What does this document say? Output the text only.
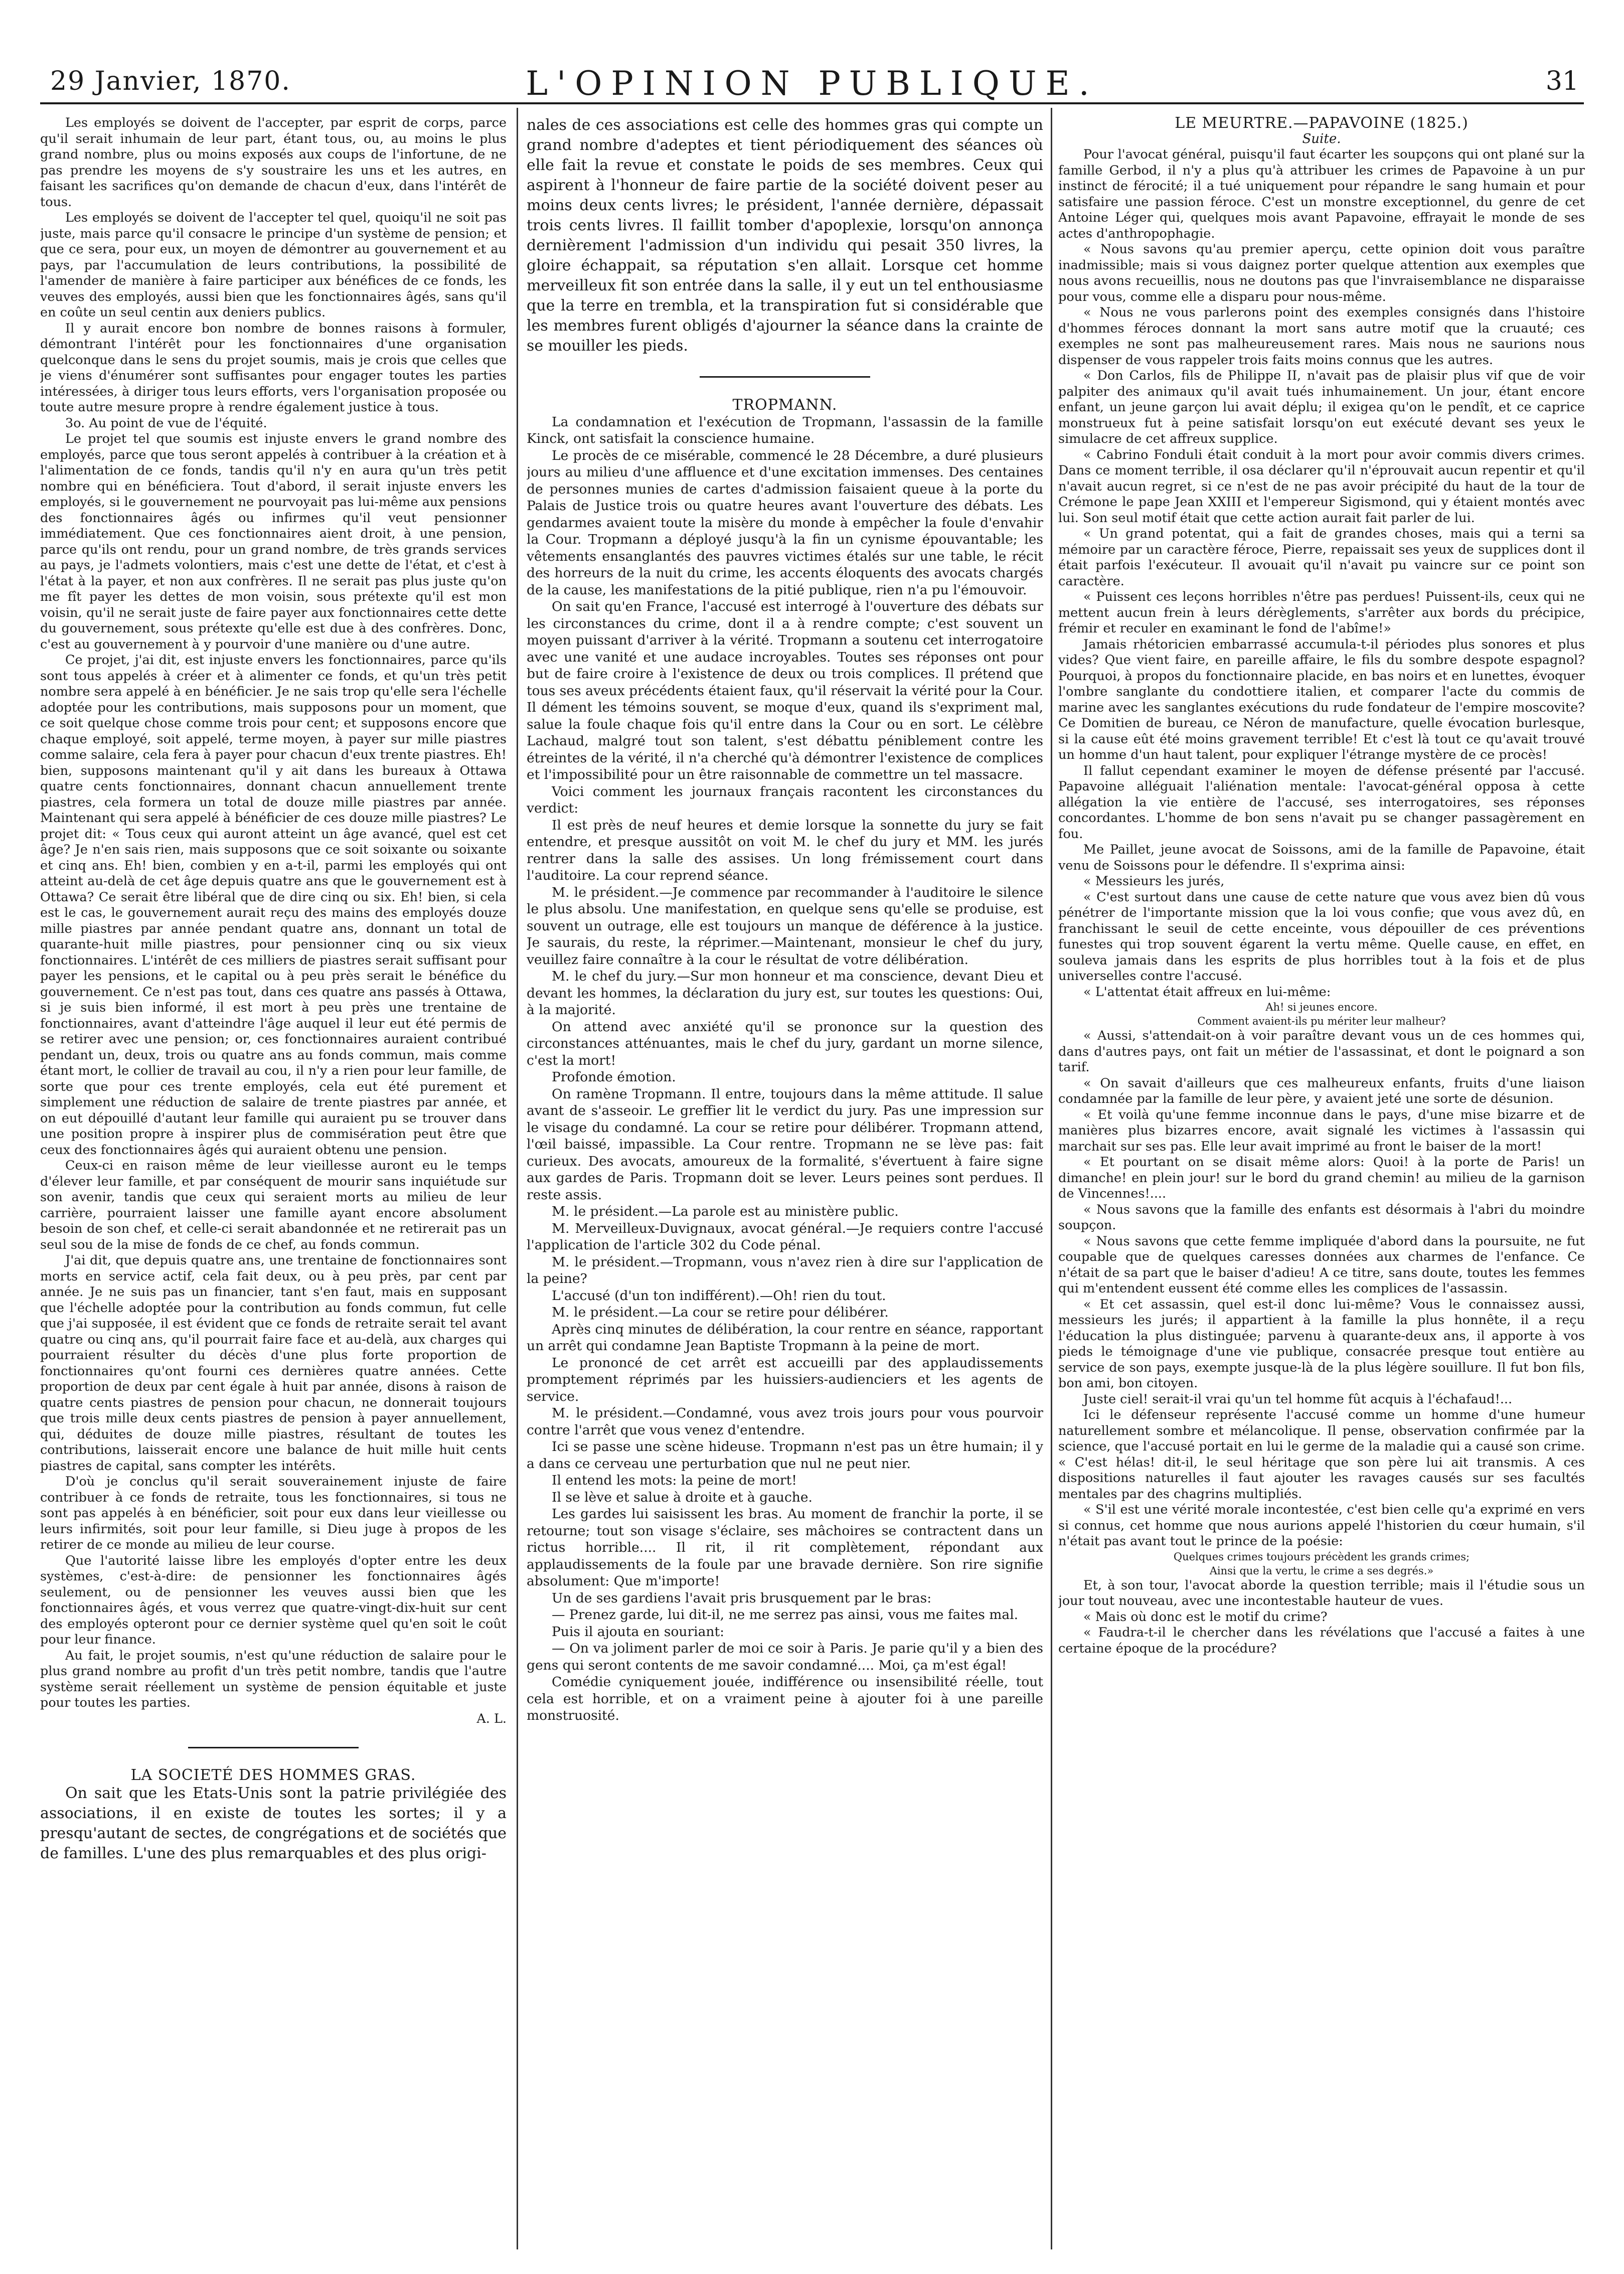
29 Janvier, 1870.	L'OPINION PUBLIQUE.	31

Les employés se doivent de l'accepter, par esprit de corps, parce qu'il serait inhumain de leur part, étant tous, ou, au moins le plus grand nombre, plus ou moins exposés aux coups de l'infortune, de ne pas prendre les moyens de s'y soustraire les uns et les autres, en faisant les sacrifices qu'on demande de chacun d'eux, dans l'intérêt de tous.

Les employés se doivent de l'accepter tel quel, quoiqu'il ne soit pas juste, mais parce qu'il consacre le principe d'un système de pension; et que ce sera, pour eux, un moyen de démontrer au gouvernement et au pays, par l'accumulation de leurs contributions, la possibilité de l'amender de manière à faire participer aux bénéfices de ce fonds, les veuves des employés, aussi bien que les fonctionnaires âgés, sans qu'il en coûte un seul centin aux deniers publics.

Il y aurait encore bon nombre de bonnes raisons à formuler, démontrant l'intérêt pour les fonctionnaires d'une organisation quelconque dans le sens du projet soumis, mais je crois que celles que je viens d'énumérer sont suffisantes pour engager toutes les parties intéressées, à diriger tous leurs efforts, vers l'organisation proposée ou toute autre mesure propre à rendre également justice à tous.

3o. Au point de vue de l'équité.

Le projet tel que soumis est injuste envers le grand nombre des employés, parce que tous seront appelés à contribuer à la création et à l'alimentation de ce fonds, tandis qu'il n'y en aura qu'un très petit nombre qui en bénéficiera. Tout d'abord, il serait injuste envers les employés, si le gouvernement ne pourvoyait pas lui-même aux pensions des fonctionnaires âgés ou infirmes qu'il veut pensionner immédiatement. Que ces fonctionnaires aient droit, à une pension, parce qu'ils ont rendu, pour un grand nombre, de très grands services au pays, je l'admets volontiers, mais c'est une dette de l'état, et c'est à l'état à la payer, et non aux confrères. Il ne serait pas plus juste qu'on me fît payer les dettes de mon voisin, sous prétexte qu'il est mon voisin, qu'il ne serait juste de faire payer aux fonctionnaires cette dette du gouvernement, sous prétexte qu'elle est due à des confrères. Donc, c'est au gouvernement à y pourvoir d'une manière ou d'une autre.

Ce projet, j'ai dit, est injuste envers les fonctionnaires, parce qu'ils sont tous appelés à créer et à alimenter ce fonds, et qu'un très petit nombre sera appelé à en bénéficier. Je ne sais trop qu'elle sera l'échelle adoptée pour les contributions, mais supposons pour un moment, que ce soit quelque chose comme trois pour cent; et supposons encore que chaque employé, soit appelé, terme moyen, à payer sur mille piastres comme salaire, cela fera à payer pour chacun d'eux trente piastres. Eh! bien, supposons maintenant qu'il y ait dans les bureaux à Ottawa quatre cents fonctionnaires, donnant chacun annuellement trente piastres, cela formera un total de douze mille piastres par année. Maintenant qui sera appelé à bénéficier de ces douze mille piastres? Le projet dit: « Tous ceux qui auront atteint un âge avancé, quel est cet âge? Je n'en sais rien, mais supposons que ce soit soixante ou soixante et cinq ans. Eh! bien, combien y en a-t-il, parmi les employés qui ont atteint au-delà de cet âge depuis quatre ans que le gouvernement est à Ottawa? Ce serait être libéral que de dire cinq ou six. Eh! bien, si cela est le cas, le gouvernement aurait reçu des mains des employés douze mille piastres par année pendant quatre ans, donnant un total de quarante-huit mille piastres, pour pensionner cinq ou six vieux fonctionnaires. L'intérêt de ces milliers de piastres serait suffisant pour payer les pensions, et le capital ou à peu près serait le bénéfice du gouvernement. Ce n'est pas tout, dans ces quatre ans passés à Ottawa, si je suis bien informé, il est mort à peu près une trentaine de fonctionnaires, avant d'atteindre l'âge auquel il leur eut été permis de se retirer avec une pension; or, ces fonctionnaires auraient contribué pendant un, deux, trois ou quatre ans au fonds commun, mais comme étant mort, le collier de travail au cou, il n'y a rien pour leur famille, de sorte que pour ces trente employés, cela eut été purement et simplement une réduction de salaire de trente piastres par année, et on eut dépouillé d'autant leur famille qui auraient pu se trouver dans une position propre à inspirer plus de commisération peut être que ceux des fonctionnaires âgés qui auraient obtenu une pension.

Ceux-ci en raison même de leur vieillesse auront eu le temps d'élever leur famille, et par conséquent de mourir sans inquiétude sur son avenir, tandis que ceux qui seraient morts au milieu de leur carrière, pourraient laisser une famille ayant encore absolument besoin de son chef, et celle-ci serait abandonnée et ne retirerait pas un seul sou de la mise de fonds de ce chef, au fonds commun.

J'ai dit, que depuis quatre ans, une trentaine de fonctionnaires sont morts en service actif, cela fait deux, ou à peu près, par cent par année. Je ne suis pas un financier, tant s'en faut, mais en supposant que l'échelle adoptée pour la contribution au fonds commun, fut celle que j'ai supposée, il est évident que ce fonds de retraite serait tel avant quatre ou cinq ans, qu'il pourrait faire face et au-delà, aux charges qui pourraient résulter du décès d'une plus forte proportion de fonctionnaires qu'ont fourni ces dernières quatre années. Cette proportion de deux par cent égale à huit par année, disons à raison de quatre cents piastres de pension pour chacun, ne donnerait toujours que trois mille deux cents piastres de pension à payer annuellement, qui, déduites de douze mille piastres, résultant de toutes les contributions, laisserait encore une balance de huit mille huit cents piastres de capital, sans compter les intérêts.

D'où je conclus qu'il serait souverainement injuste de faire contribuer à ce fonds de retraite, tous les fonctionnaires, si tous ne sont pas appelés à en bénéficier, soit pour eux dans leur vieillesse ou leurs infirmités, soit pour leur famille, si Dieu juge à propos de les retirer de ce monde au milieu de leur course.

Que l'autorité laisse libre les employés d'opter entre les deux systèmes, c'est-à-dire: de pensionner les fonctionnaires âgés seulement, ou de pensionner les veuves aussi bien que les fonctionnaires âgés, et vous verrez que quatre-vingt-dix-huit sur cent des employés opteront pour ce dernier système quel qu'en soit le coût pour leur finance.

Au fait, le projet soumis, n'est qu'une réduction de salaire pour le plus grand nombre au profit d'un très petit nombre, tandis que l'autre système serait réellement un système de pension équitable et juste pour toutes les parties.

A. L.

LA SOCIETÉ DES HOMMES GRAS.

On sait que les Etats-Unis sont la patrie privilégiée des associations, il en existe de toutes les sortes; il y a presqu'autant de sectes, de congrégations et de sociétés que de familles. L'une des plus remarquables et des plus origi-

nales de ces associations est celle des hommes gras qui compte un grand nombre d'adeptes et tient périodiquement des séances où elle fait la revue et constate le poids de ses membres. Ceux qui aspirent à l'honneur de faire partie de la société doivent peser au moins deux cents livres; le président, l'année dernière, dépassait trois cents livres. Il faillit tomber d'apoplexie, lorsqu'on annonça dernièrement l'admission d'un individu qui pesait 350 livres, la gloire échappait, sa réputation s'en allait. Lorsque cet homme merveilleux fit son entrée dans la salle, il y eut un tel enthousiasme que la terre en trembla, et la transpiration fut si considérable que les membres furent obligés d'ajourner la séance dans la crainte de se mouiller les pieds.

TROPMANN.

La condamnation et l'exécution de Tropmann, l'assassin de la famille Kinck, ont satisfait la conscience humaine.

Le procès de ce misérable, commencé le 28 Décembre, a duré plusieurs jours au milieu d'une affluence et d'une excitation immenses. Des centaines de personnes munies de cartes d'admission faisaient queue à la porte du Palais de Justice trois ou quatre heures avant l'ouverture des débats. Les gendarmes avaient toute la misère du monde à empêcher la foule d'envahir la Cour. Tropmann a déployé jusqu'à la fin un cynisme épouvantable; les vêtements ensanglantés des pauvres victimes étalés sur une table, le récit des horreurs de la nuit du crime, les accents éloquents des avocats chargés de la cause, les manifestations de la pitié publique, rien n'a pu l'émouvoir.

On sait qu'en France, l'accusé est interrogé à l'ouverture des débats sur les circonstances du crime, dont il a à rendre compte; c'est souvent un moyen puissant d'arriver à la vérité. Tropmann a soutenu cet interrogatoire avec une vanité et une audace incroyables. Toutes ses réponses ont pour but de faire croire à l'existence de deux ou trois complices. Il prétend que tous ses aveux précédents étaient faux, qu'il réservait la vérité pour la Cour. Il dément les témoins souvent, se moque d'eux, quand ils s'expriment mal, salue la foule chaque fois qu'il entre dans la Cour ou en sort. Le célèbre Lachaud, malgré tout son talent, s'est débattu péniblement contre les étreintes de la vérité, il n'a cherché qu'à démontrer l'existence de complices et l'impossibilité pour un être raisonnable de commettre un tel massacre.

Voici comment les journaux français racontent les circonstances du verdict:

Il est près de neuf heures et demie lorsque la sonnette du jury se fait entendre, et presque aussitôt on voit M. le chef du jury et MM. les jurés rentrer dans la salle des assises. Un long frémissement court dans l'auditoire. La cour reprend séance.

M. le président.—Je commence par recommander à l'auditoire le silence le plus absolu. Une manifestation, en quelque sens qu'elle se produise, est souvent un outrage, elle est toujours un manque de déférence à la justice. Je saurais, du reste, la réprimer.—Maintenant, monsieur le chef du jury, veuillez faire connaître à la cour le résultat de votre délibération.

M. le chef du jury.—Sur mon honneur et ma conscience, devant Dieu et devant les hommes, la déclaration du jury est, sur toutes les questions: Oui, à la majorité.

On attend avec anxiété qu'il se prononce sur la question des circonstances atténuantes, mais le chef du jury, gardant un morne silence, c'est la mort!

Profonde émotion.

On ramène Tropmann. Il entre, toujours dans la même attitude. Il salue avant de s'asseoir. Le greffier lit le verdict du jury. Pas une impression sur le visage du condamné. La cour se retire pour délibérer. Tropmann attend, l'œil baissé, impassible. La Cour rentre. Tropmann ne se lève pas: fait curieux. Des avocats, amoureux de la formalité, s'évertuent à faire signe aux gardes de Paris. Tropmann doit se lever. Leurs peines sont perdues. Il reste assis.

M. le président.—La parole est au ministère public.

M. Merveilleux-Duvignaux, avocat général.—Je requiers contre l'accusé l'application de l'article 302 du Code pénal.

M. le président.—Tropmann, vous n'avez rien à dire sur l'application de la peine?

L'accusé (d'un ton indifférent).—Oh! rien du tout.

M. le président.—La cour se retire pour délibérer.

Après cinq minutes de délibération, la cour rentre en séance, rapportant un arrêt qui condamne Jean Baptiste Tropmann à la peine de mort.

Le prononcé de cet arrêt est accueilli par des applaudissements promptement réprimés par les huissiers-audienciers et les agents de service.

M. le président.—Condamné, vous avez trois jours pour vous pourvoir contre l'arrêt que vous venez d'entendre.

Ici se passe une scène hideuse. Tropmann n'est pas un être humain; il y a dans ce cerveau une perturbation que nul ne peut nier.

Il entend les mots: la peine de mort!

Il se lève et salue à droite et à gauche.

Les gardes lui saisissent les bras. Au moment de franchir la porte, il se retourne; tout son visage s'éclaire, ses mâchoires se contractent dans un rictus horrible.... Il rit, il rit complètement, répondant aux applaudissements de la foule par une bravade dernière. Son rire signifie absolument: Que m'importe!

Un de ses gardiens l'avait pris brusquement par le bras:

— Prenez garde, lui dit-il, ne me serrez pas ainsi, vous me faites mal.

Puis il ajouta en souriant:

— On va joliment parler de moi ce soir à Paris. Je parie qu'il y a bien des gens qui seront contents de me savoir condamné.... Moi, ça m'est égal!

Comédie cyniquement jouée, indifférence ou insensibilité réelle, tout cela est horrible, et on a vraiment peine à ajouter foi à une pareille monstruosité.

LE MEURTRE.—PAPAVOINE (1825.)

Suite.

Pour l'avocat général, puisqu'il faut écarter les soupçons qui ont plané sur la famille Gerbod, il n'y a plus qu'à attribuer les crimes de Papavoine à un pur instinct de férocité; il a tué uniquement pour répandre le sang humain et pour satisfaire une passion féroce. C'est un monstre exceptionnel, du genre de cet Antoine Léger qui, quelques mois avant Papavoine, effrayait le monde de ses actes d'anthropophagie.

« Nous savons qu'au premier aperçu, cette opinion doit vous paraître inadmissible; mais si vous daignez porter quelque attention aux exemples que nous avons recueillis, nous ne doutons pas que l'invraisemblance ne disparaisse pour vous, comme elle a disparu pour nous-même.

« Nous ne vous parlerons point des exemples consignés dans l'histoire d'hommes féroces donnant la mort sans autre motif que la cruauté; ces exemples ne sont pas malheureusement rares. Mais nous ne saurions nous dispenser de vous rappeler trois faits moins connus que les autres.

« Don Carlos, fils de Philippe II, n'avait pas de plaisir plus vif que de voir palpiter des animaux qu'il avait tués inhumainement. Un jour, étant encore enfant, un jeune garçon lui avait déplu; il exigea qu'on le pendît, et ce caprice monstrueux fut à peine satisfait lorsqu'on eut exécuté devant ses yeux le simulacre de cet affreux supplice.

« Cabrino Fonduli était conduit à la mort pour avoir commis divers crimes. Dans ce moment terrible, il osa déclarer qu'il n'éprouvait aucun repentir et qu'il n'avait aucun regret, si ce n'est de ne pas avoir précipité du haut de la tour de Crémone le pape Jean XXIII et l'empereur Sigismond, qui y étaient montés avec lui. Son seul motif était que cette action aurait fait parler de lui.

« Un grand potentat, qui a fait de grandes choses, mais qui a terni sa mémoire par un caractère féroce, Pierre, repaissait ses yeux de supplices dont il était parfois l'exécuteur. Il avouait qu'il n'avait pu vaincre sur ce point son caractère.

« Puissent ces leçons horribles n'être pas perdues! Puissent-ils, ceux qui ne mettent aucun frein à leurs dérèglements, s'arrêter aux bords du précipice, frémir et reculer en examinant le fond de l'abîme!»

Jamais rhétoricien embarrassé accumula-t-il périodes plus sonores et plus vides? Que vient faire, en pareille affaire, le fils du sombre despote espagnol? Pourquoi, à propos du fonctionnaire placide, en bas noirs et en lunettes, évoquer l'ombre sanglante du condottiere italien, et comparer l'acte du commis de marine avec les sanglantes exécutions du rude fondateur de l'empire moscovite? Ce Domitien de bureau, ce Néron de manufacture, quelle évocation burlesque, si la cause eût été moins gravement terrible! Et c'est là tout ce qu'avait trouvé un homme d'un haut talent, pour expliquer l'étrange mystère de ce procès!

Il fallut cependant examiner le moyen de défense présenté par l'accusé. Papavoine alléguait l'aliénation mentale: l'avocat-général opposa à cette allégation la vie entière de l'accusé, ses interrogatoires, ses réponses concordantes. L'homme de bon sens n'avait pu se changer passagèrement en fou.

Me Paillet, jeune avocat de Soissons, ami de la famille de Papavoine, était venu de Soissons pour le défendre. Il s'exprima ainsi:

« Messieurs les jurés,

« C'est surtout dans une cause de cette nature que vous avez bien dû vous pénétrer de l'importante mission que la loi vous confie; que vous avez dû, en franchissant le seuil de cette enceinte, vous dépouiller de ces préventions funestes qui trop souvent égarent la vertu même. Quelle cause, en effet, en souleva jamais dans les esprits de plus horribles tout à la fois et de plus universelles contre l'accusé.

« L'attentat était affreux en lui-même:

Ah! si jeunes encore.

Comment avaient-ils pu mériter leur malheur?

« Aussi, s'attendait-on à voir paraître devant vous un de ces hommes qui, dans d'autres pays, ont fait un métier de l'assassinat, et dont le poignard a son tarif.

« On savait d'ailleurs que ces malheureux enfants, fruits d'une liaison condamnée par la famille de leur père, y avaient jeté une sorte de désunion.

« Et voilà qu'une femme inconnue dans le pays, d'une mise bizarre et de manières plus bizarres encore, avait signalé les victimes à l'assassin qui marchait sur ses pas. Elle leur avait imprimé au front le baiser de la mort!

« Et pourtant on se disait même alors: Quoi! à la porte de Paris! un dimanche! en plein jour! sur le bord du grand chemin! au milieu de la garnison de Vincennes!....

« Nous savons que la famille des enfants est désormais à l'abri du moindre soupçon.

« Nous savons que cette femme impliquée d'abord dans la poursuite, ne fut coupable que de quelques caresses données aux charmes de l'enfance. Ce n'était de sa part que le baiser d'adieu! A ce titre, sans doute, toutes les femmes qui m'entendent eussent été comme elles les complices de l'assassin.

« Et cet assassin, quel est-il donc lui-même? Vous le connaissez aussi, messieurs les jurés; il appartient à la famille la plus honnête, il a reçu l'éducation la plus distinguée; parvenu à quarante-deux ans, il apporte à vos pieds le témoignage d'une vie publique, consacrée presque tout entière au service de son pays, exempte jusque-là de la plus légère souillure. Il fut bon fils, bon ami, bon citoyen.

Juste ciel! serait-il vrai qu'un tel homme fût acquis à l'échafaud!...

Ici le défenseur représente l'accusé comme un homme d'une humeur naturellement sombre et mélancolique. Il pense, observation confirmée par la science, que l'accusé portait en lui le germe de la maladie qui a causé son crime. « C'est hélas! dit-il, le seul héritage que son père lui ait transmis. A ces dispositions naturelles il faut ajouter les ravages causés sur ses facultés mentales par des chagrins multipliés.

« S'il est une vérité morale incontestée, c'est bien celle qu'a exprimé en vers si connus, cet homme que nous aurions appelé l'historien du cœur humain, s'il n'était pas avant tout le prince de la poésie:

Quelques crimes toujours précèdent les grands crimes;

Ainsi que la vertu, le crime a ses degrés.»

Et, à son tour, l'avocat aborde la question terrible; mais il l'étudie sous un jour tout nouveau, avec une incontestable hauteur de vues.

« Mais où donc est le motif du crime?

« Faudra-t-il le chercher dans les révélations que l'accusé a faites à une certaine époque de la procédure?
